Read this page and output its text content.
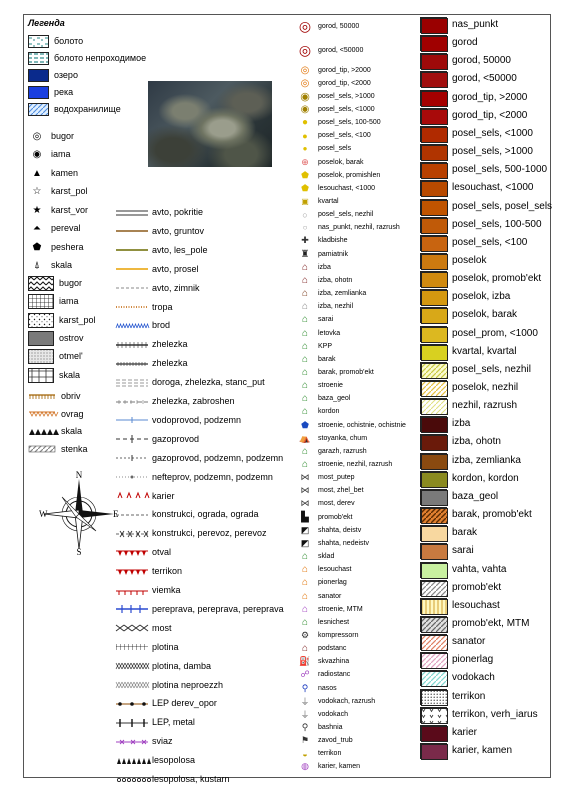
Легенда
болото
болото непроходимое
озеро
река
водохранилище
◎	bugor
◉	iama
▲	kamen
☆	karst_pol
★	karst_vor
⏶	pereval
⬟	peshera
⍋	skala
bugor
iama
karst_pol
ostrov
otmel'
skala
obriv
ovrag
skala
stenka
avto, pokritie
avto, gruntov
avto, les_pole
avto, prosel
avto, zimnik
tropa
brod
zhelezka
zhelezka
doroga, zhelezka, stanc_put
zhelezka, zabroshen
vodoprovod, podzemn
gazoprovod
gazoprovod, podzemn, podzemn
nefteprov, podzemn, podzemn
karier
konstrukci, ograda, ograda
konstrukci, perevoz, perevoz
otval
terrikon
viemka
pereprava, pereprava, pereprava
most
plotina
plotina, damba
plotina neproezzh
LEP derev_opor
LEP, metal
sviaz
lesopolosa
lesopolosa, kustarn
◎ gorod, 50000
◎ gorod, <50000
◎	gorod_tip, >2000
◎	gorod_tip, <2000
◉	posel_sels, >1000
◉	posel_sels, <1000
●	posel_sels, 100-500
●	posel_sels, <100
●	posel_sels
⊕	poselok, barak
⬟	poselok, promishlen
⬟	lesouchast, <1000
▣	kvartal
○	posel_sels, nezhil
○	nas_punkt, nezhil, razrush
✚	kladbishe
♜	pamiatnik
⌂	izba
⌂	izba, ohotn
⌂	izba, zemlianka
⌂	izba, nezhil
⌂	sarai
⌂	letovka
⌂	KPP
⌂	barak
⌂	barak, promob'ekt
⌂	stroenie
⌂	baza_geol
⌂	kordon
⬟	stroenie, ochistnie, ochistnie
⛺ stoyanka, chum
⌂	garazh, razrush
⌂	stroenie, nezhil, razrush
⋈	most_putep
⋈	most, zhel_bet
⋈	most, derev
▙	promob'ekt
◩	shahta, deistv
◩	shahta, nedeistv
⌂	sklad
⌂	lesouchast
⌂	pionerlag
⌂	sanator
⌂	stroenie, MTM
⌂	lesnichest
⚙	kompressorn
⌂	podstanc
⛽ skvazhina
☍	radiostanc
⚲	nasos
⏚	vodokach, razrush
⏚	vodokach
⚲	bashnia
⚑	zavod_trub
◒	terrikon
◍	karier, kamen
nas_punkt
gorod
gorod, 50000
gorod, <50000
gorod_tip, >2000
gorod_tip, <2000
posel_sels, <1000
posel_sels, >1000
posel_sels, 500-1000
lesouchast, <1000
posel_sels, posel_sels
posel_sels, 100-500
posel_sels, <100
poselok
poselok, promob'ekt
poselok, izba
poselok, barak
posel_prom, <1000
kvartal, kvartal
posel_sels, nezhil
poselok, nezhil
nezhil, razrush
izba
izba, ohotn
izba, zemlianka
kordon, kordon
baza_geol
barak, promob'ekt
barak
sarai
vahta, vahta
promob'ekt
lesouchast
promob'ekt, MTM
sanator
pionerlag
vodokach
terrikon
terrikon, verh_iarus
karier
karier, kamen
N
S
W	E
